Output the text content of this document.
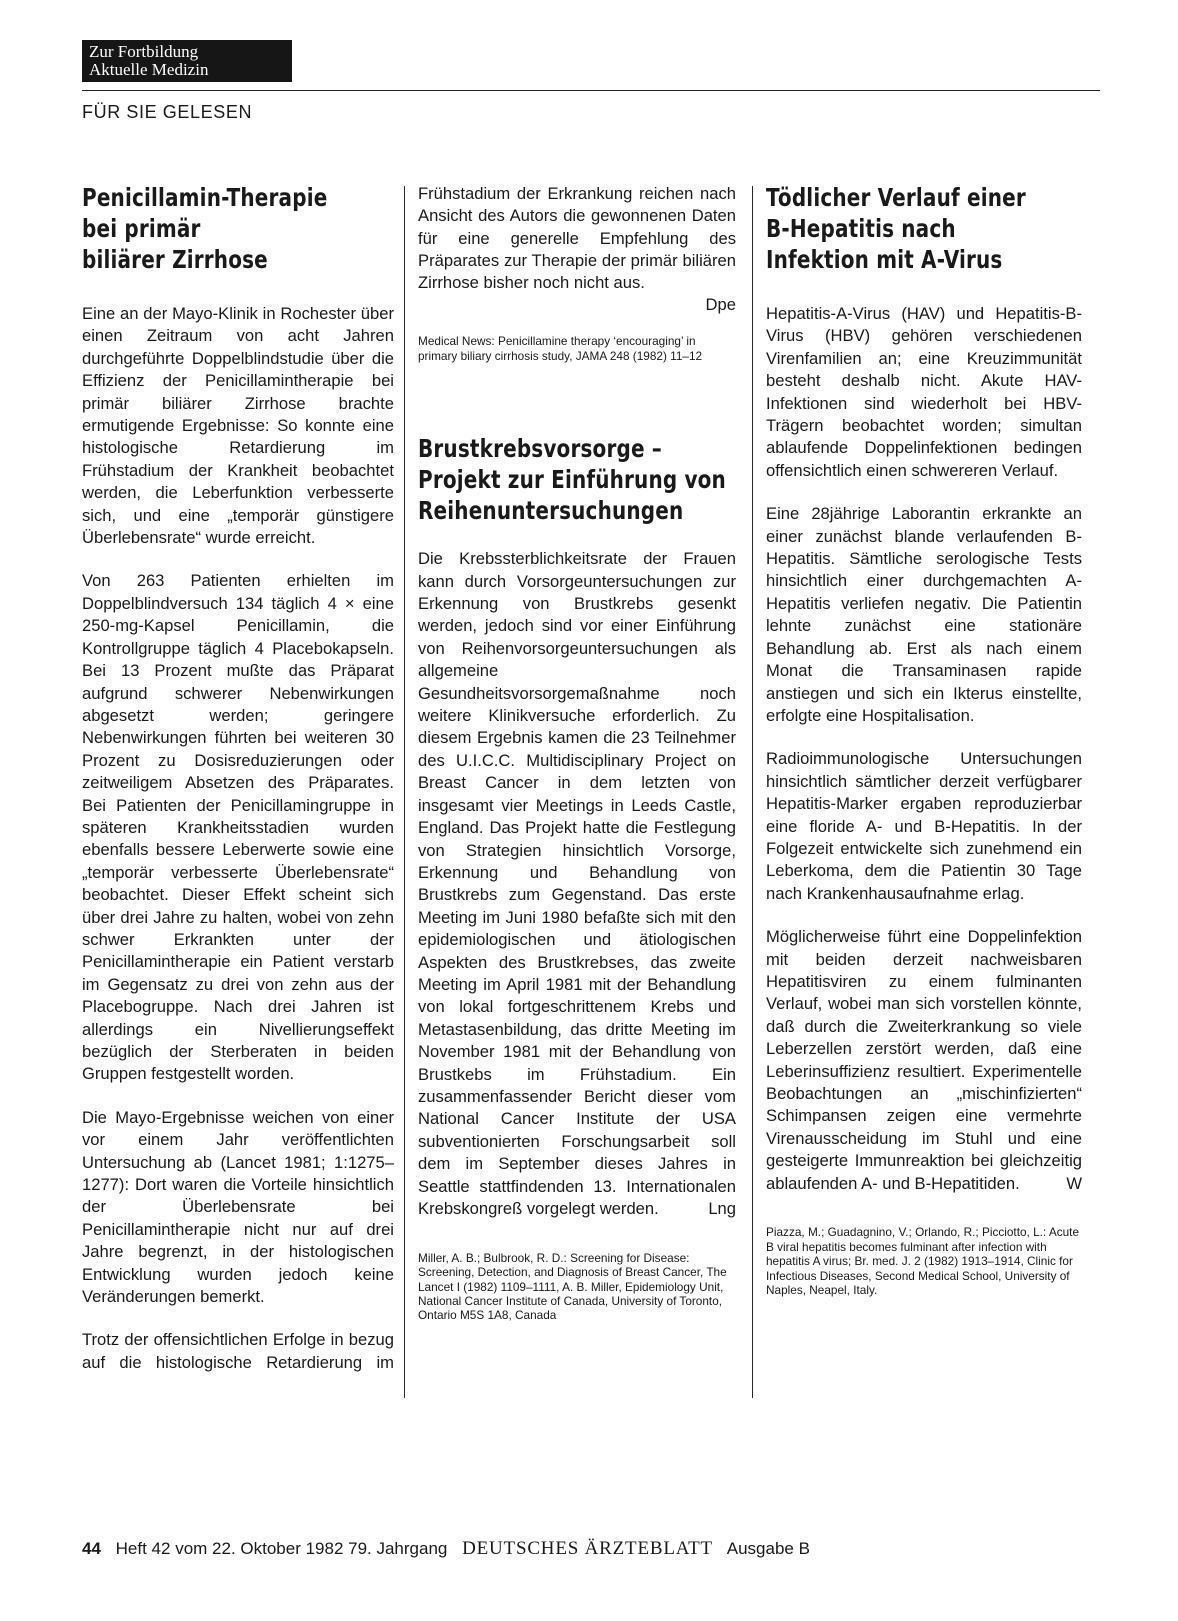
Zur Fortbildung
Aktuelle Medizin
FÜR SIE GELESEN
Penicillamin-Therapie
bei primär
biliärer Zirrhose

Eine an der Mayo-Klinik in Rochester über einen Zeitraum von acht Jahren durchgeführte Doppelblindstudie über die Effizienz der Penicillamintherapie bei primär biliärer Zirrhose brachte ermutigende Ergebnisse: So konnte eine histologische Retardierung im Frühstadium der Krankheit beobachtet werden, die Leberfunktion verbesserte sich, und eine „temporär günstigere Überlebensrate“ wurde erreicht.

Von 263 Patienten erhielten im Doppelblindversuch 134 täglich 4 × eine 250-mg-Kapsel Penicillamin, die Kontrollgruppe täglich 4 Placebokapseln. Bei 13 Prozent mußte das Präparat aufgrund schwerer Nebenwirkungen abgesetzt werden; geringere Nebenwirkungen führten bei weiteren 30 Prozent zu Dosisreduzierungen oder zeitweiligem Absetzen des Präparates. Bei Patienten der Penicillamingruppe in späteren Krankheitsstadien wurden ebenfalls bessere Leberwerte sowie eine „temporär verbesserte Überlebensrate“ beobachtet. Dieser Effekt scheint sich über drei Jahre zu halten, wobei von zehn schwer Erkrankten unter der Penicillamintherapie ein Patient verstarb im Gegensatz zu drei von zehn aus der Placebogruppe. Nach drei Jahren ist allerdings ein Nivellierungseffekt bezüglich der Sterberaten in beiden Gruppen festgestellt worden.

Die Mayo-Ergebnisse weichen von einer vor einem Jahr veröffentlichten Untersuchung ab (Lancet 1981; 1:1275–1277): Dort waren die Vorteile hinsichtlich der Überlebensrate bei Penicillamintherapie nicht nur auf drei Jahre begrenzt, in der histologischen Entwicklung wurden jedoch keine Veränderungen bemerkt.

Trotz der offensichtlichen Erfolge in bezug auf die histologische Retardierung im

Frühstadium der Erkrankung reichen nach Ansicht des Autors die gewonnenen Daten für eine generelle Empfehlung des Präparates zur Therapie der primär biliären Zirrhose bisher noch nicht aus.

Dpe

Medical News: Penicillamine therapy ‘encouraging’ in primary biliary cirrhosis study, JAMA 248 (1982) 11–12

Brustkrebsvorsorge –
Projekt zur Einführung von
Reihenuntersuchungen

Die Krebssterblichkeitsrate der Frauen kann durch Vorsorgeuntersuchungen zur Erkennung von Brustkrebs gesenkt werden, jedoch sind vor einer Einführung von Reihenvorsorgeuntersuchungen als allgemeine Gesundheitsvorsorgemaßnahme noch weitere Klinikversuche erforderlich. Zu diesem Ergebnis kamen die 23 Teilnehmer des U.I.C.C. Multidisciplinary Project on Breast Cancer in dem letzten von insgesamt vier Meetings in Leeds Castle, England. Das Projekt hatte die Festlegung von Strategien hinsichtlich Vorsorge, Erkennung und Behandlung von Brustkrebs zum Gegenstand. Das erste Meeting im Juni 1980 befaßte sich mit den epidemiologischen und ätiologischen Aspekten des Brustkrebses, das zweite Meeting im April 1981 mit der Behandlung von lokal fortgeschrittenem Krebs und Metastasenbildung, das dritte Meeting im November 1981 mit der Behandlung von Brustkebs im Frühstadium. Ein zusammenfassender Bericht dieser vom National Cancer Institute der USA subventionierten Forschungsarbeit soll dem im September dieses Jahres in Seattle stattfindenden 13. Internationalen Krebskongreß vorgelegt werden.	Lng

Miller, A. B.; Bulbrook, R. D.: Screening for Disease: Screening, Detection, and Diagnosis of Breast Cancer, The Lancet I (1982) 1109–1111, A. B. Miller, Epidemiology Unit, National Cancer Institute of Canada, University of Toronto, Ontario M5S 1A8, Canada

Tödlicher Verlauf einer
B-Hepatitis nach
Infektion mit A-Virus

Hepatitis-A-Virus (HAV) und Hepatitis-B-Virus (HBV) gehören verschiedenen Virenfamilien an; eine Kreuzimmunität besteht deshalb nicht. Akute HAV-Infektionen sind wiederholt bei HBV-Trägern beobachtet worden; simultan ablaufende Doppelinfektionen bedingen offensichtlich einen schwereren Verlauf.

Eine 28jährige Laborantin erkrankte an einer zunächst blande verlaufenden B-Hepatitis. Sämtliche serologische Tests hinsichtlich einer durchgemachten A-Hepatitis verliefen negativ. Die Patientin lehnte zunächst eine stationäre Behandlung ab. Erst als nach einem Monat die Transaminasen rapide anstiegen und sich ein Ikterus einstellte, erfolgte eine Hospitalisation.

Radioimmunologische Untersuchungen hinsichtlich sämtlicher derzeit verfügbarer Hepatitis-Marker ergaben reproduzierbar eine floride A- und B-Hepatitis. In der Folgezeit entwickelte sich zunehmend ein Leberkoma, dem die Patientin 30 Tage nach Krankenhausaufnahme erlag.

Möglicherweise führt eine Doppelinfektion mit beiden derzeit nachweisbaren Hepatitisviren zu einem fulminanten Verlauf, wobei man sich vorstellen könnte, daß durch die Zweiterkrankung so viele Leberzellen zerstört werden, daß eine Leberinsuffizienz resultiert. Experimentelle Beobachtungen an „mischinfizierten“ Schimpansen zeigen eine vermehrte Virenausscheidung im Stuhl und eine gesteigerte Immunreaktion bei gleichzeitig ablaufenden A- und B-Hepatitiden.	W

Piazza, M.; Guadagnino, V.; Orlando, R.; Picciotto, L.: Acute B viral hepatitis becomes fulminant after infection with hepatitis A virus; Br. med. J. 2 (1982) 1913–1914, Clinic for Infectious Diseases, Second Medical School, University of Naples, Neapel, Italy.

44 Heft 42 vom 22. Oktober 1982 79. Jahrgang DEUTSCHES ÄRZTEBLATT Ausgabe B
